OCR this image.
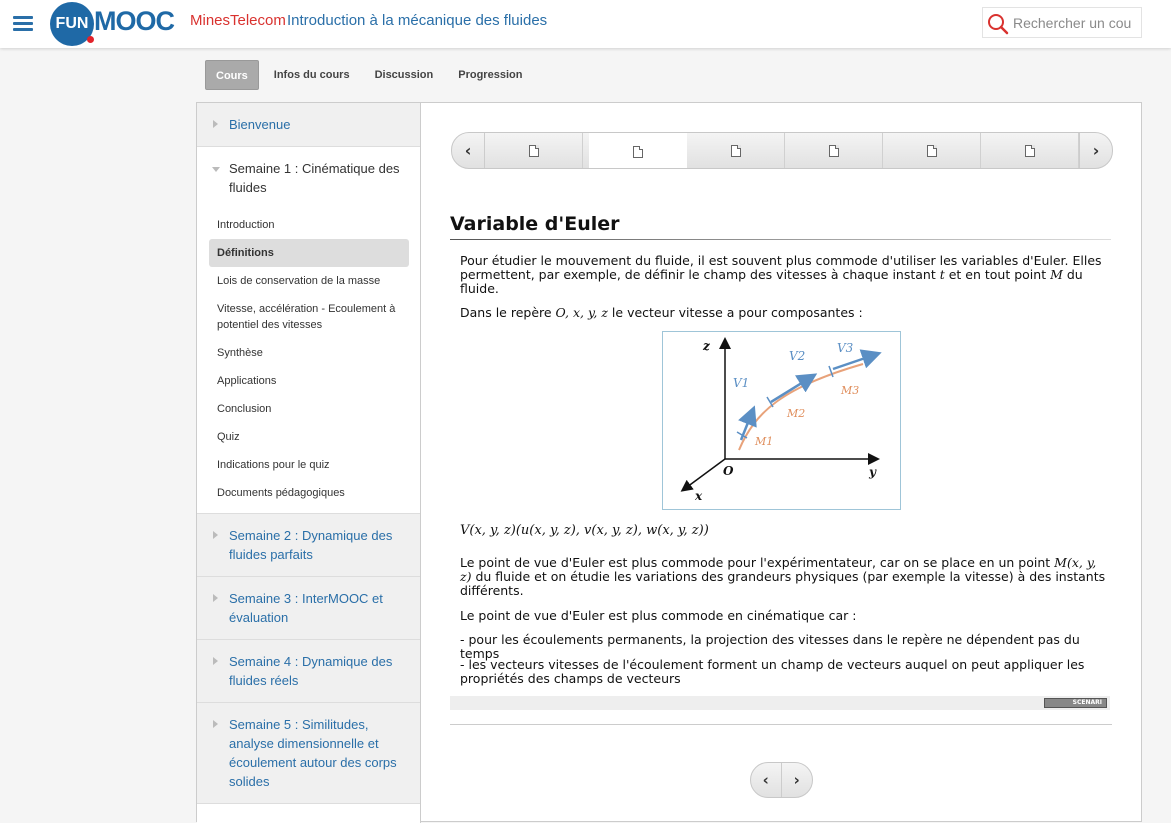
FUN MOOC MinesTelecom Introduction à la mécanique des fluides
Rechercher un cou
Cours	Infos du cours	Discussion	Progression
Bienvenue
Semaine 1 : Cinématique des fluides
Introduction
Définitions
Lois de conservation de la masse
Vitesse, accélération - Ecoulement à potentiel des vitesses
Synthèse
Applications
Conclusion
Quiz
Indications pour le quiz
Documents pédagogiques
Semaine 2 : Dynamique des fluides parfaits
Semaine 3 : InterMOOC et évaluation
Semaine 4 : Dynamique des fluides réels
Semaine 5 : Similitudes, analyse dimensionnelle et écoulement autour des corps solides
‹	›
Variable d'Euler
Pour étudier le mouvement du fluide, il est souvent plus commode d'utiliser les variables d'Euler. Elles permettent, par exemple, de définir le champ des vitesses à chaque instant t et en tout point M du fluide.
Dans le repère O, x, y, z le vecteur vitesse a pour composantes :
z
y
x
O
V1
V2
V3
M1
M2
M3
V(x, y, z)(u(x, y, z), v(x, y, z), w(x, y, z))
Le point de vue d'Euler est plus commode pour l'expérimentateur, car on se place en un point M(x, y, z) du fluide et on étudie les variations des grandeurs physiques (par exemple la vitesse) à des instants différents.
Le point de vue d'Euler est plus commode en cinématique car :
- pour les écoulements permanents, la projection des vitesses dans le repère ne dépendent pas du temps
- les vecteurs vitesses de l'écoulement forment un champ de vecteurs auquel on peut appliquer les propriétés des champs de vecteurs
SCENARI
‹	›
